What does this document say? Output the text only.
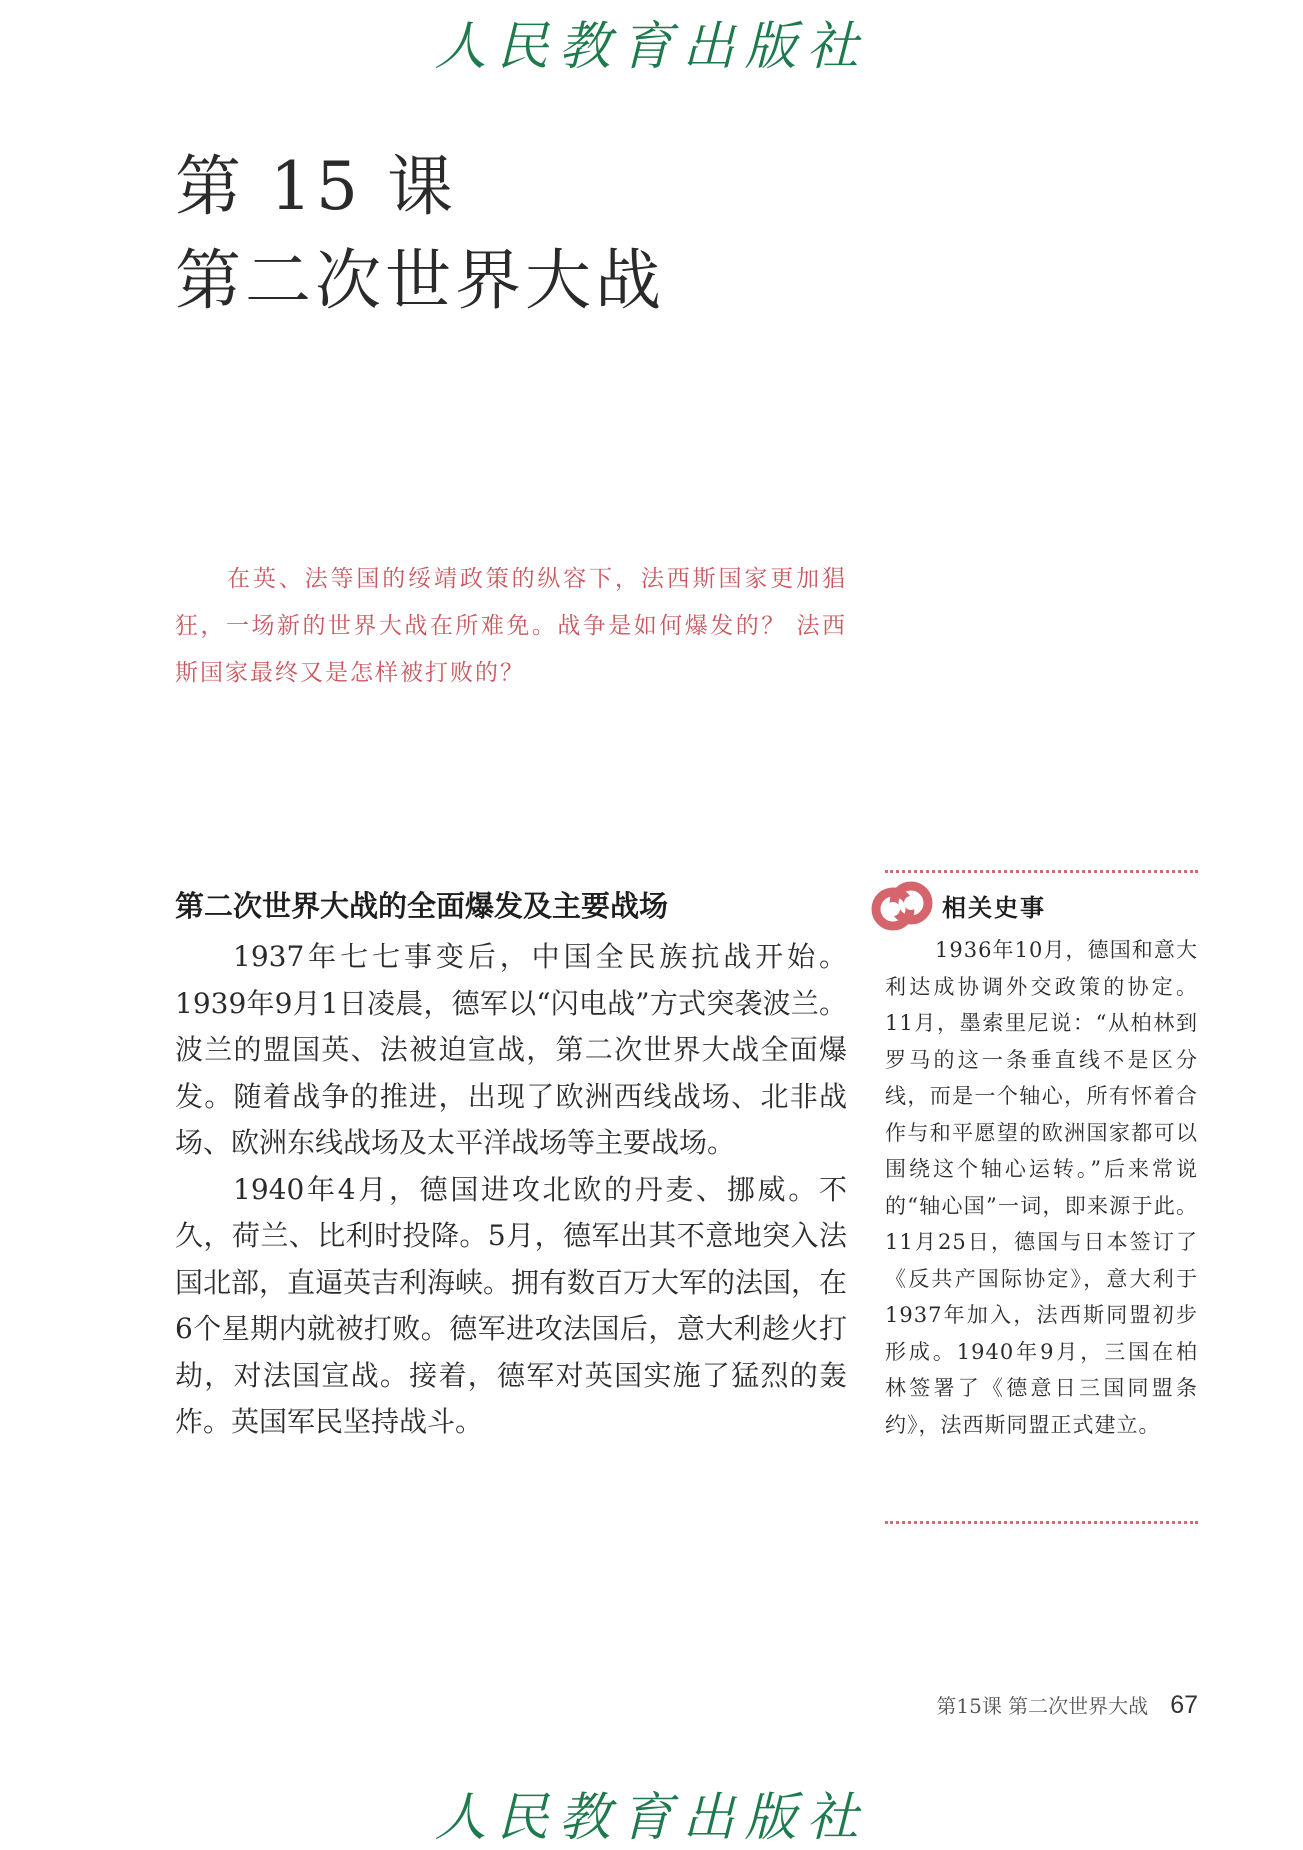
人民教育出版社
第 15 课
第二次世界大战
在英、法等国的绥靖政策的纵容下，法西斯国家更加猖狂，一场新的世界大战在所难免。战争是如何爆发的？ 法西斯国家最终又是怎样被打败的？
第二次世界大战的全面爆发及主要战场

1937年七七事变后，中国全民族抗战开始。1939年9月1日凌晨，德军以“闪电战”方式突袭波兰。波兰的盟国英、法被迫宣战，第二次世界大战全面爆发。随着战争的推进，出现了欧洲西线战场、北非战场、欧洲东线战场及太平洋战场等主要战场。

1940年4月，德国进攻北欧的丹麦、挪威。不久，荷兰、比利时投降。5月，德军出其不意地突入法国北部，直逼英吉利海峡。拥有数百万大军的法国，在6个星期内就被打败。德军进攻法国后，意大利趁火打劫，对法国宣战。接着，德军对英国实施了猛烈的轰炸。英国军民坚持战斗。

相关史事
1936年10月，德国和意大利达成协调外交政策的协定。11月，墨索里尼说：“从柏林到罗马的这一条垂直线不是区分线，而是一个轴心，所有怀着合作与和平愿望的欧洲国家都可以围绕这个轴心运转。”后来常说的“轴心国”一词，即来源于此。11月25日，德国与日本签订了《反共产国际协定》，意大利于1937年加入，法西斯同盟初步形成。1940年9月，三国在柏林签署了《德意日三国同盟条约》，法西斯同盟正式建立。
第15课 第二次世界大战 67
人民教育出版社
